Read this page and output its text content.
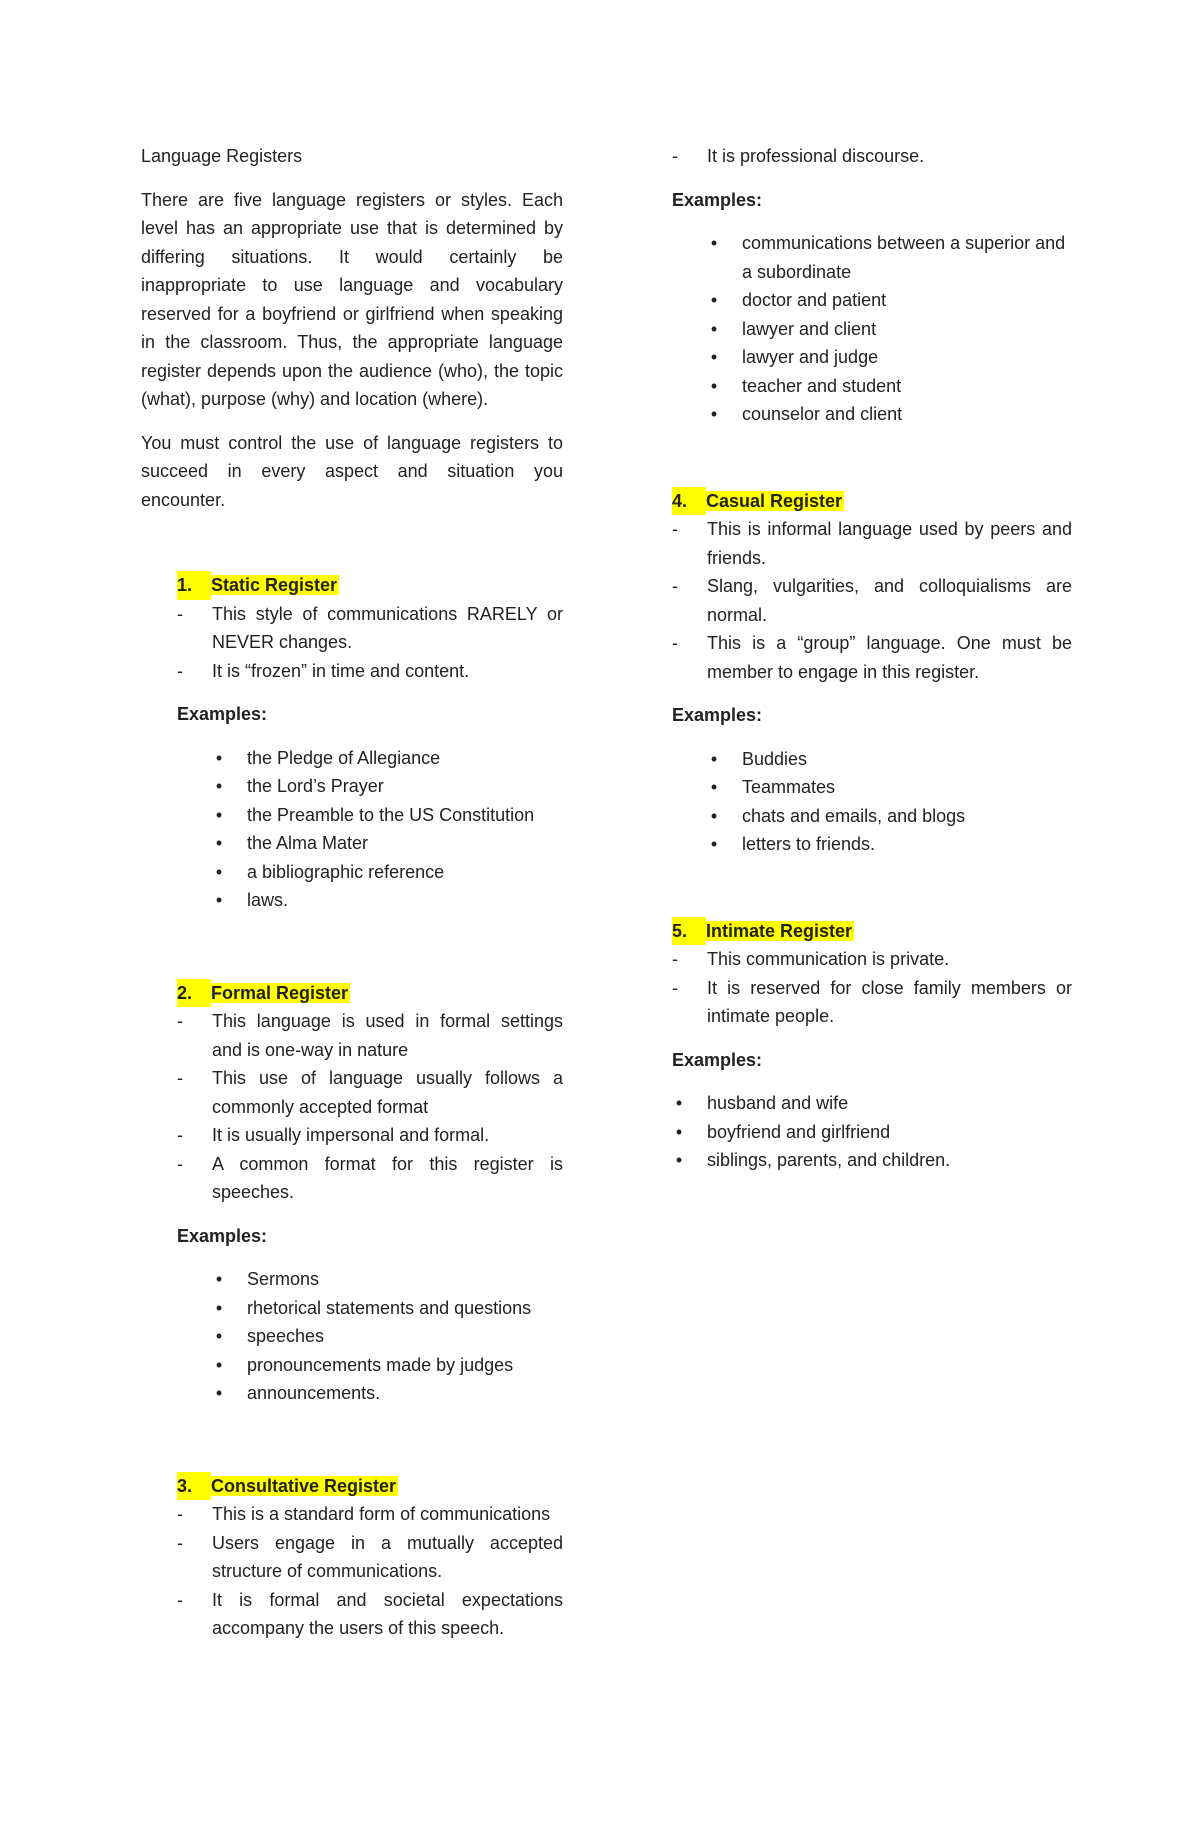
Language Registers

There are five language registers or styles. Each level has an appropriate use that is determined by differing situations. It would certainly be inappropriate to use language and vocabulary reserved for a boyfriend or girlfriend when speaking in the classroom. Thus, the appropriate language register depends upon the audience (who), the topic (what), purpose (why) and location (where).

You must control the use of language registers to succeed in every aspect and situation you encounter.

1. Static Register
- This style of communications RARELY or NEVER changes.
- It is “frozen” in time and content.
Examples:
• the Pledge of Allegiance
• the Lord’s Prayer
• the Preamble to the US Constitution
• the Alma Mater
• a bibliographic reference
• laws.
2. Formal Register
- This language is used in formal settings and is one-way in nature
- This use of language usually follows a commonly accepted format
- It is usually impersonal and formal.
- A common format for this register is speeches.
Examples:
• Sermons
• rhetorical statements and questions
• speeches
• pronouncements made by judges
• announcements.
3. Consultative Register
- This is a standard form of communications
- Users engage in a mutually accepted structure of communications.
- It is formal and societal expectations accompany the users of this speech.
- It is professional discourse.
Examples:
• communications between a superior and a subordinate
• doctor and patient
• lawyer and client
• lawyer and judge
• teacher and student
• counselor and client
4. Casual Register
- This is informal language used by peers and friends.
- Slang, vulgarities, and colloquialisms are normal.
- This is a “group” language. One must be member to engage in this register.
Examples:
• Buddies
• Teammates
• chats and emails, and blogs
• letters to friends.
5. Intimate Register
- This communication is private.
- It is reserved for close family members or intimate people.
Examples:
• husband and wife
• boyfriend and girlfriend
• siblings, parents, and children.
